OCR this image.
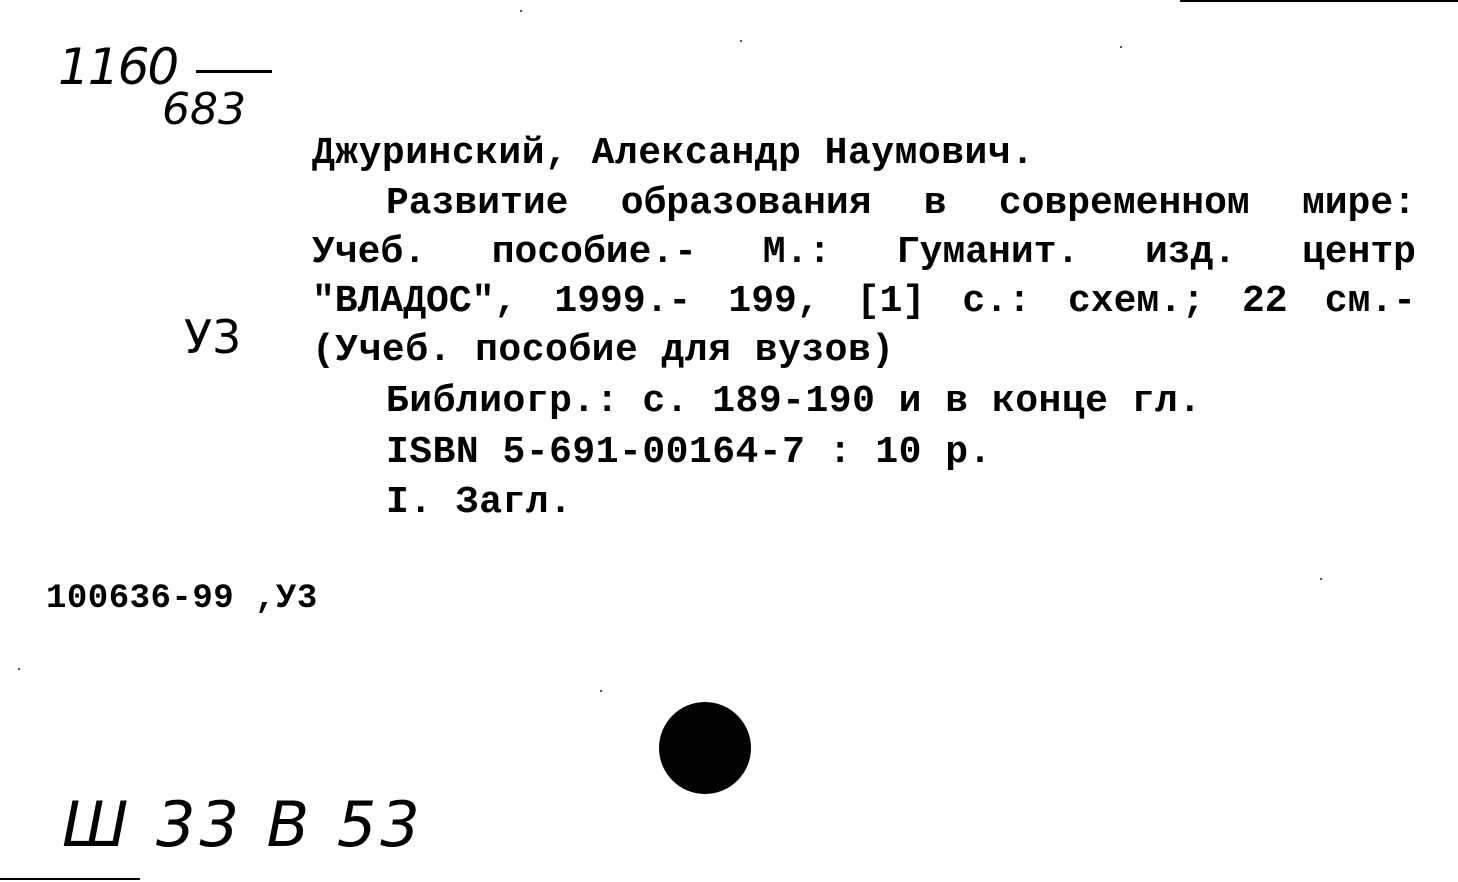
1160
683
У3
Джуринский, Александр Наумович.
Развитие образования в современном мире:
Учеб. пособие.- М.: Гуманит. изд. центр
"ВЛАДОС", 1999.- 199, [1] с.: схем.; 22 см.-
(Учеб. пособие для вузов)
Библиогр.: с. 189-190 и в конце гл.
ISBN 5-691-00164-7 : 10 р.
I. Загл.
100636-99 ,У3
Ш 33 В 53
